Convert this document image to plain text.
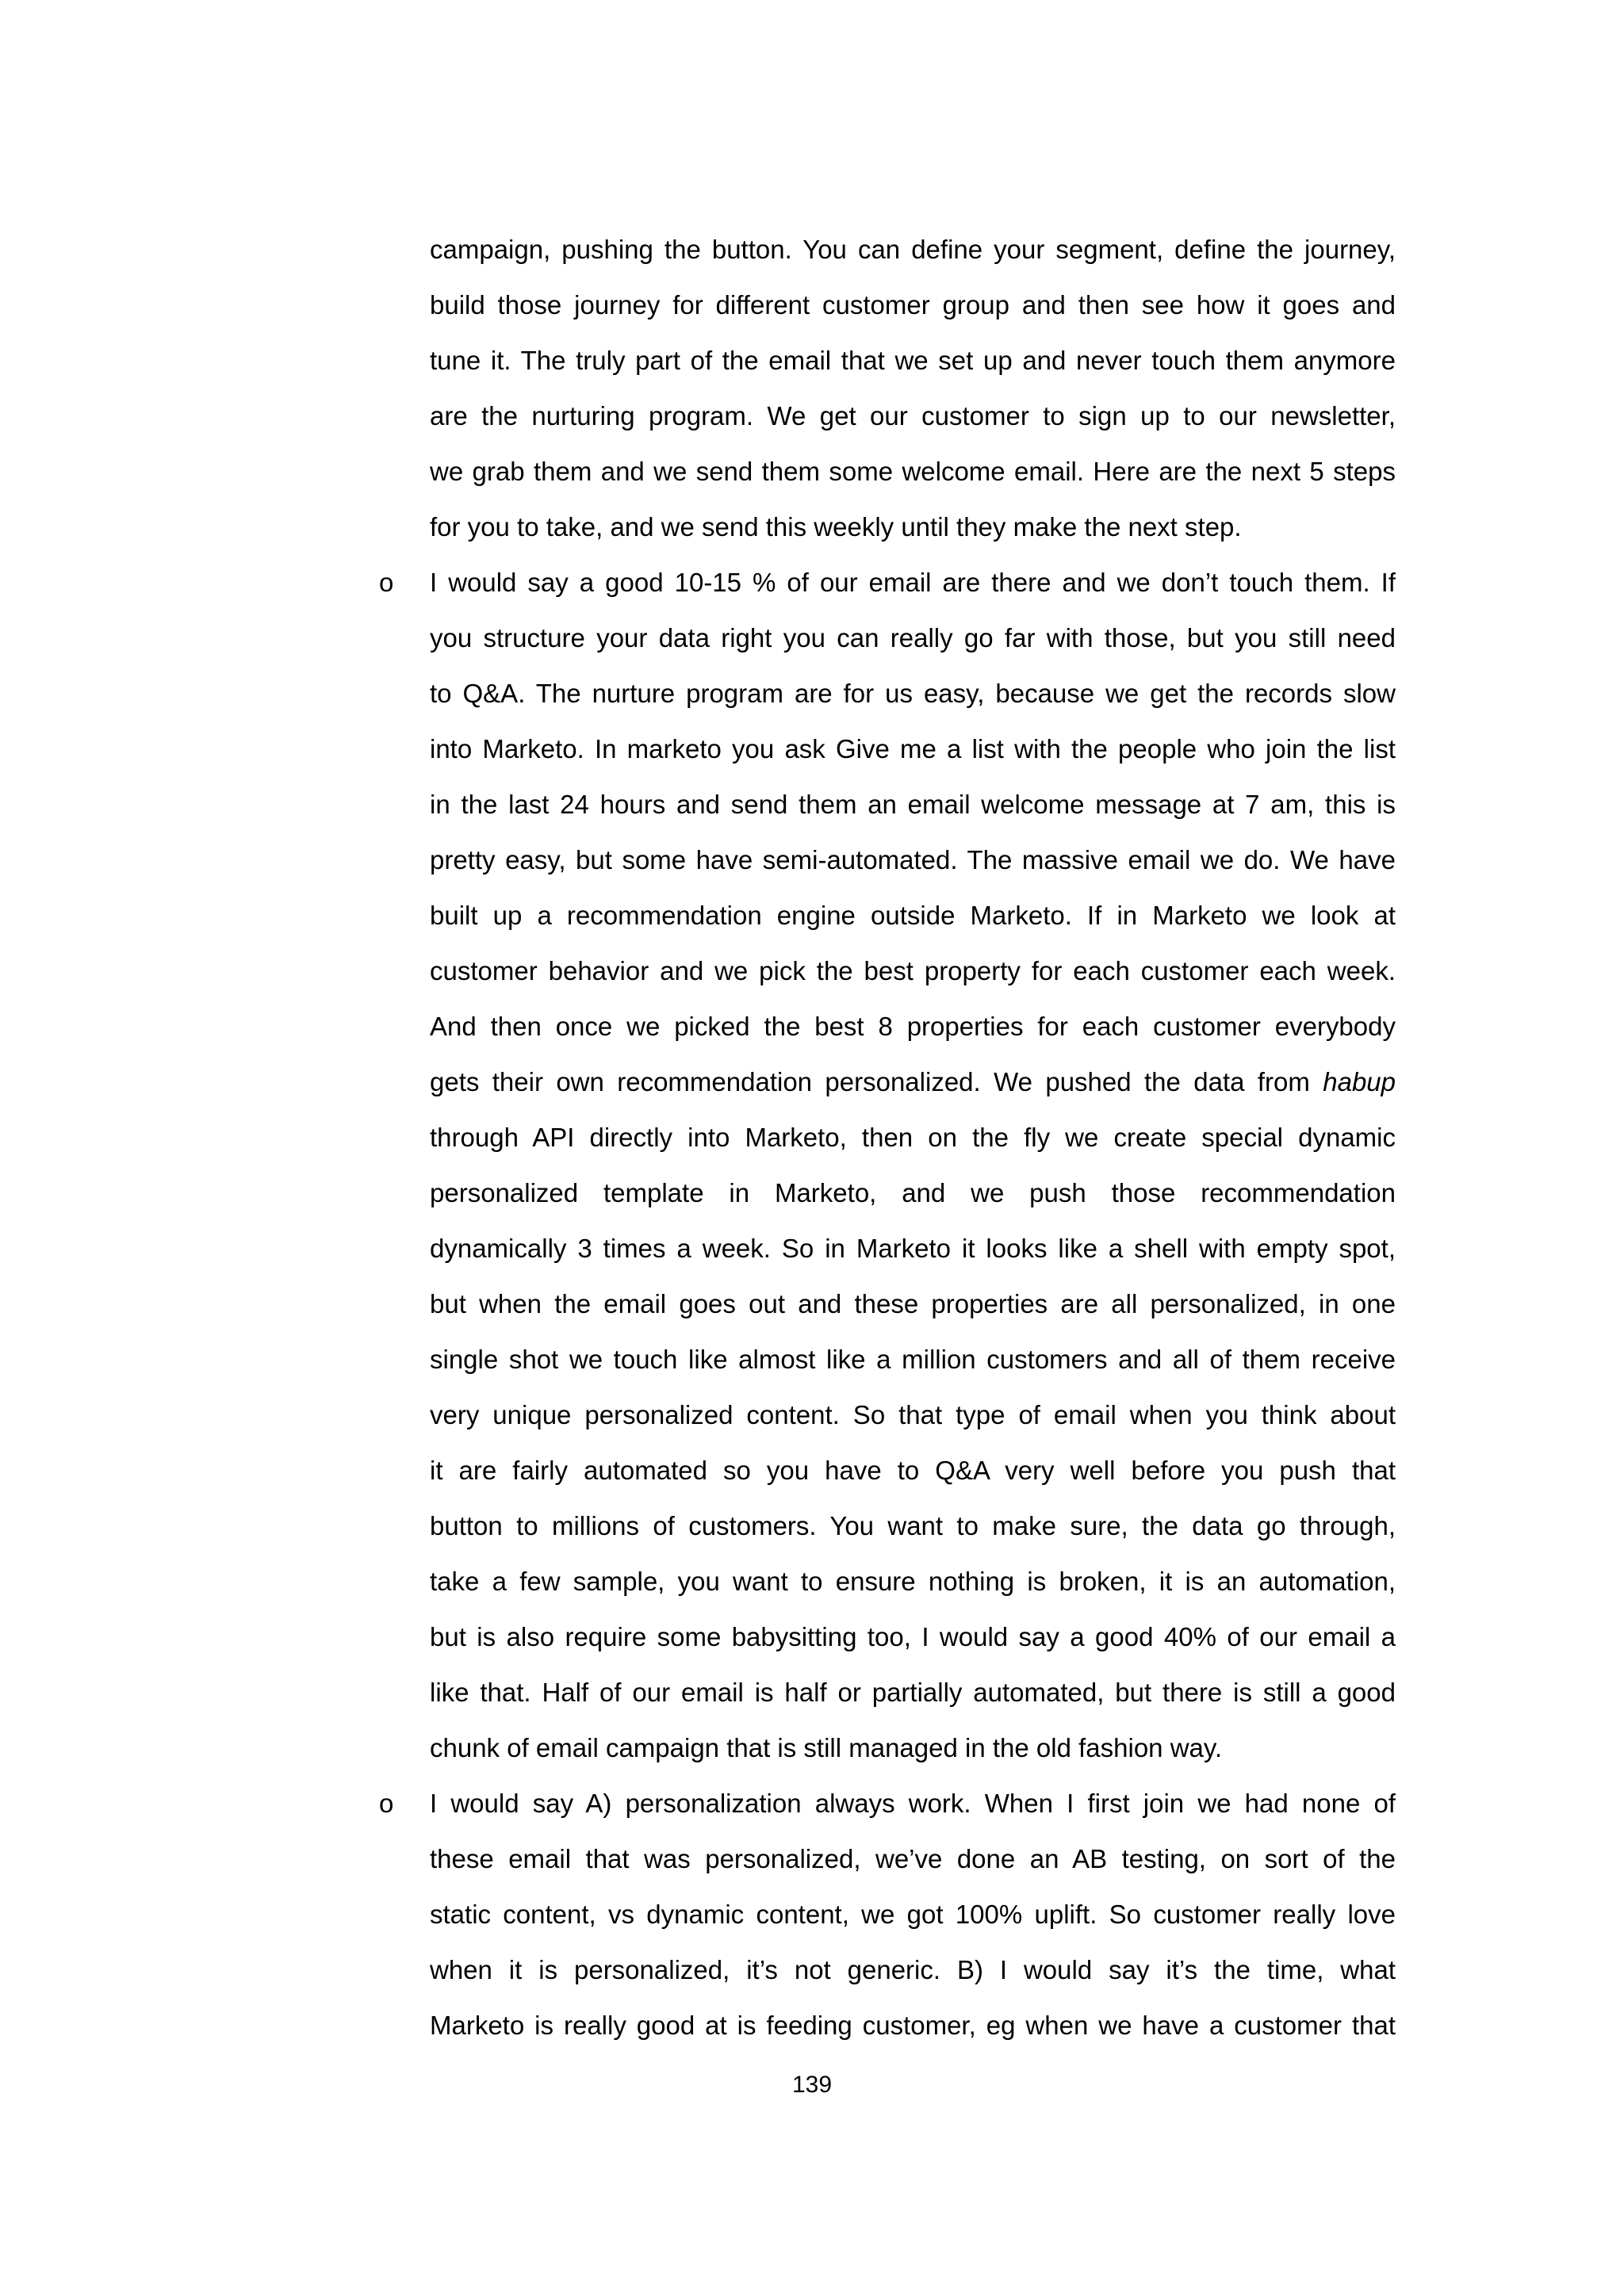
campaign, pushing the button. You can define your segment, define the journey,
build those journey for different customer group and then see how it goes and
tune it. The truly part of the email that we set up and never touch them anymore
are the nurturing program. We get our customer to sign up to our newsletter,
we grab them and we send them some welcome email. Here are the next 5 steps
for you to take, and we send this weekly until they make the next step.
o I would say a good 10-15 % of our email are there and we don’t touch them. If
you structure your data right you can really go far with those, but you still need
to Q&A. The nurture program are for us easy, because we get the records slow
into Marketo. In marketo you ask Give me a list with the people who join the list
in the last 24 hours and send them an email welcome message at 7 am, this is
pretty easy, but some have semi-automated. The massive email we do. We have
built up a recommendation engine outside Marketo. If in Marketo we look at
customer behavior and we pick the best property for each customer each week.
And then once we picked the best 8 properties for each customer everybody
gets their own recommendation personalized. We pushed the data from habup
through API directly into Marketo, then on the fly we create special dynamic
personalized template in Marketo, and we push those recommendation
dynamically 3 times a week. So in Marketo it looks like a shell with empty spot,
but when the email goes out and these properties are all personalized, in one
single shot we touch like almost like a million customers and all of them receive
very unique personalized content. So that type of email when you think about
it are fairly automated so you have to Q&A very well before you push that
button to millions of customers. You want to make sure, the data go through,
take a few sample, you want to ensure nothing is broken, it is an automation,
but is also require some babysitting too, I would say a good 40% of our email a
like that. Half of our email is half or partially automated, but there is still a good
chunk of email campaign that is still managed in the old fashion way.
o I would say A) personalization always work. When I first join we had none of
these email that was personalized, we’ve done an AB testing, on sort of the
static content, vs dynamic content, we got 100% uplift. So customer really love
when it is personalized, it’s not generic. B) I would say it’s the time, what
Marketo is really good at is feeding customer, eg when we have a customer that
139
